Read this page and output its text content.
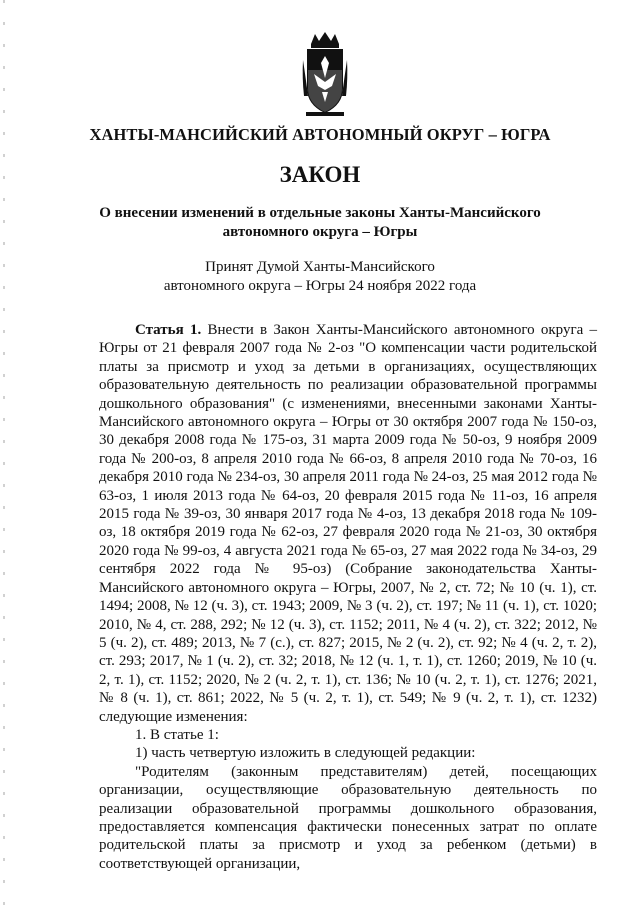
ХАНТЫ-МАНСИЙСКИЙ АВТОНОМНЫЙ ОКРУГ – ЮГРА
ЗАКОН
О внесении изменений в отдельные законы Ханты-Мансийского
автономного округа – Югры
Принят Думой Ханты-Мансийского
автономного округа – Югры 24 ноября 2022 года

Статья 1. Внести в Закон Ханты-Мансийского автономного округа – Югры от 21 февраля 2007 года № 2-оз "О компенсации части родительской платы за присмотр и уход за детьми в организациях, осуществляющих образовательную деятельность по реализации образовательной программы дошкольного образования" (с изменениями, внесенными законами Ханты-Мансийского автономного округа – Югры от 30 октября 2007 года № 150-оз, 30 декабря 2008 года № 175-оз, 31 марта 2009 года № 50-оз, 9 ноября 2009 года № 200-оз, 8 апреля 2010 года № 66-оз, 8 апреля 2010 года № 70-оз, 16 декабря 2010 года № 234-оз, 30 апреля 2011 года № 24-оз, 25 мая 2012 года № 63-оз, 1 июля 2013 года № 64-оз, 20 февраля 2015 года № 11-оз, 16 апреля 2015 года № 39-оз, 30 января 2017 года № 4-оз, 13 декабря 2018 года № 109-оз, 18 октября 2019 года № 62-оз, 27 февраля 2020 года № 21-оз, 30 октября 2020 года № 99-оз, 4 августа 2021 года № 65-оз, 27 мая 2022 года № 34-оз, 29 сентября 2022 года № 95-оз) (Собрание законодательства Ханты-Мансийского автономного округа – Югры, 2007, № 2, ст. 72; № 10 (ч. 1), ст. 1494; 2008, № 12 (ч. 3), ст. 1943; 2009, № 3 (ч. 2), ст. 197; № 11 (ч. 1), ст. 1020; 2010, № 4, ст. 288, 292; № 12 (ч. 3), ст. 1152; 2011, № 4 (ч. 2), ст. 322; 2012, № 5 (ч. 2), ст. 489; 2013, № 7 (с.), ст. 827; 2015, № 2 (ч. 2), ст. 92; № 4 (ч. 2, т. 2), ст. 293; 2017, № 1 (ч. 2), ст. 32; 2018, № 12 (ч. 1, т. 1), ст. 1260; 2019, № 10 (ч. 2, т. 1), ст. 1152; 2020, № 2 (ч. 2, т. 1), ст. 136; № 10 (ч. 2, т. 1), ст. 1276; 2021, № 8 (ч. 1), ст. 861; 2022, № 5 (ч. 2, т. 1), ст. 549; № 9 (ч. 2, т. 1), ст. 1232) следующие изменения:

1. В статье 1:

1) часть четвертую изложить в следующей редакции:

"Родителям (законным представителям) детей, посещающих организации, осуществляющие образовательную деятельность по реализации образовательной программы дошкольного образования, предоставляется компенсация фактически понесенных затрат по оплате родительской платы за присмотр и уход за ребенком (детьми) в соответствующей организации,
